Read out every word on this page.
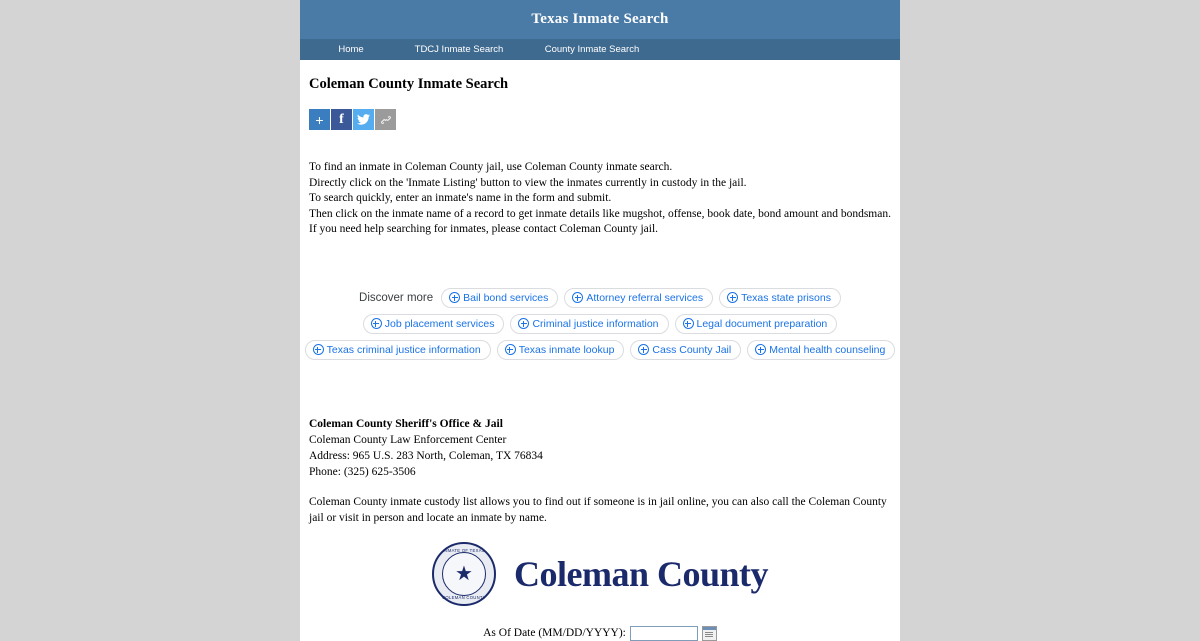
Texas Inmate Search
Home	TDCJ Inmate Search	County Inmate Search
Coleman County Inmate Search
+	f
To find an inmate in Coleman County jail, use Coleman County inmate search.
Directly click on the 'Inmate Listing' button to view the inmates currently in custody in the jail.
To search quickly, enter an inmate's name in the form and submit.
Then click on the inmate name of a record to get inmate details like mugshot, offense, book date, bond amount and bondsman.
If you need help searching for inmates, please contact Coleman County jail.
Discover more	Bail bond services	Attorney referral services	Texas state prisons
Job placement services	Criminal justice information	Legal document preparation
Texas criminal justice information	Texas inmate lookup	Cass County Jail	Mental health counseling
Coleman County Sheriff's Office & Jail
Coleman County Law Enforcement Center
Address: 965 U.S. 283 North, Coleman, TX 76834
Phone: (325) 625-3506
Coleman County inmate custody list allows you to find out if someone is in jail online, you can also call the Coleman County jail or visit in person and locate an inmate by name.
INMATE OF TEXAS
★
COLEMAN COUNTY
Coleman County
As Of Date (MM/DD/YYYY):
